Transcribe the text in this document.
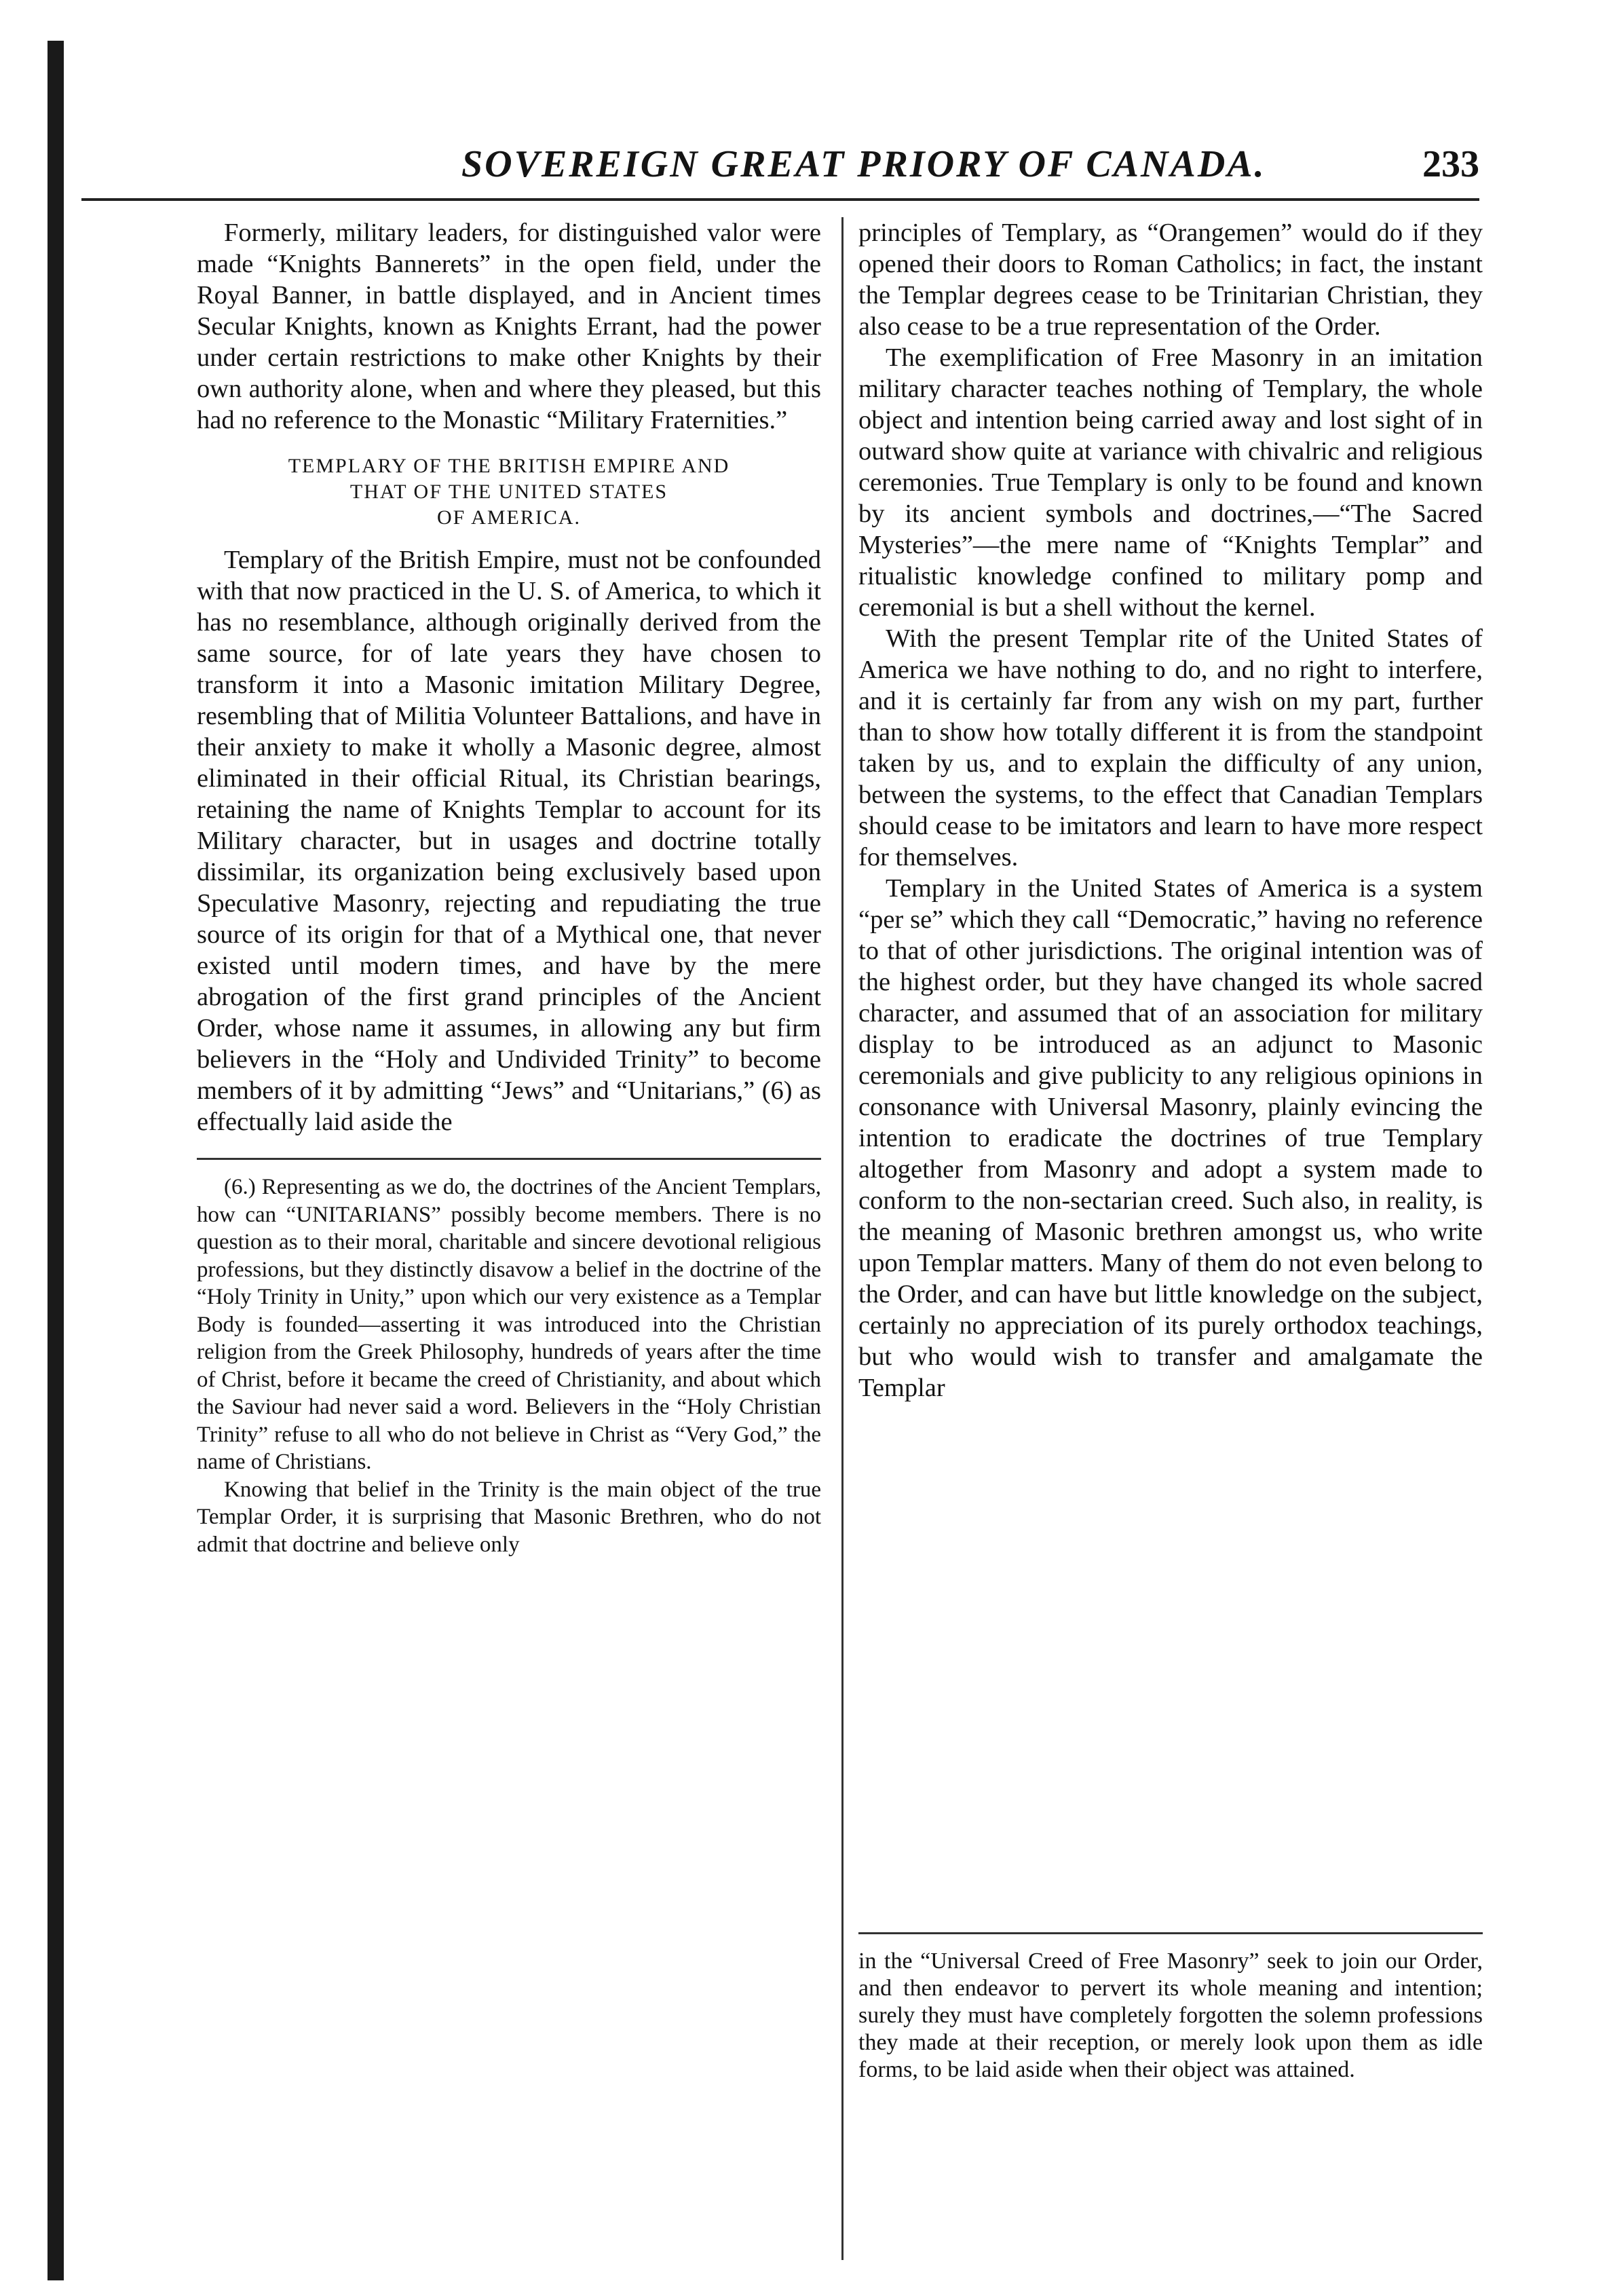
SOVEREIGN GREAT PRIORY OF CANADA.	233

Formerly, military leaders, for distinguished valor were made “Knights Bannerets” in the open field, under the Royal Banner, in battle displayed, and in Ancient times Secular Knights, known as Knights Errant, had the power under certain restrictions to make other Knights by their own authority alone, when and where they pleased, but this had no reference to the Monastic “Military Fraternities.”

TEMPLARY OF THE BRITISH EMPIRE AND
THAT OF THE UNITED STATES
OF AMERICA.

Templary of the British Empire, must not be confounded with that now practiced in the U. S. of America, to which it has no resemblance, although originally derived from the same source, for of late years they have chosen to transform it into a Masonic imitation Military Degree, resembling that of Militia Volunteer Battalions, and have in their anxiety to make it wholly a Masonic degree, almost eliminated in their official Ritual, its Christian bearings, retaining the name of Knights Templar to account for its Military character, but in usages and doctrine totally dissimilar, its organization being exclusively based upon Speculative Masonry, rejecting and repudiating the true source of its origin for that of a Mythical one, that never existed until modern times, and have by the mere abrogation of the first grand principles of the Ancient Order, whose name it assumes, in allowing any but firm believers in the “Holy and Undivided Trinity” to become members of it by admitting “Jews” and “Unitarians,” (6) as effectually laid aside the

(6.) Representing as we do, the doctrines of the Ancient Templars, how can “UNITARIANS” possibly become members. There is no question as to their moral, charitable and sincere devotional religious professions, but they distinctly disavow a belief in the doctrine of the “Holy Trinity in Unity,” upon which our very existence as a Templar Body is founded—asserting it was introduced into the Christian religion from the Greek Philosophy, hundreds of years after the time of Christ, before it became the creed of Christianity, and about which the Saviour had never said a word. Believers in the “Holy Christian Trinity” refuse to all who do not believe in Christ as “Very God,” the name of Christians.

Knowing that belief in the Trinity is the main object of the true Templar Order, it is surprising that Masonic Brethren, who do not admit that doctrine and believe only

principles of Templary, as “Orangemen” would do if they opened their doors to Roman Catholics; in fact, the instant the Templar degrees cease to be Trinitarian Christian, they also cease to be a true representation of the Order.

The exemplification of Free Masonry in an imitation military character teaches nothing of Templary, the whole object and intention being carried away and lost sight of in outward show quite at variance with chivalric and religious ceremonies. True Templary is only to be found and known by its ancient symbols and doctrines,—“The Sacred Mysteries”—the mere name of “Knights Templar” and ritualistic knowledge confined to military pomp and ceremonial is but a shell without the kernel.

With the present Templar rite of the United States of America we have nothing to do, and no right to interfere, and it is certainly far from any wish on my part, further than to show how totally different it is from the standpoint taken by us, and to explain the difficulty of any union, between the systems, to the effect that Canadian Templars should cease to be imitators and learn to have more respect for themselves.

Templary in the United States of America is a system “per se” which they call “Democratic,” having no reference to that of other jurisdictions. The original intention was of the highest order, but they have changed its whole sacred character, and assumed that of an association for military display to be introduced as an adjunct to Masonic ceremonials and give publicity to any religious opinions in consonance with Universal Masonry, plainly evincing the intention to eradicate the doctrines of true Templary altogether from Masonry and adopt a system made to conform to the non-sectarian creed. Such also, in reality, is the meaning of Masonic brethren amongst us, who write upon Templar matters. Many of them do not even belong to the Order, and can have but little knowledge on the subject, certainly no appreciation of its purely orthodox teachings, but who would wish to transfer and amalgamate the Templar

in the “Universal Creed of Free Masonry” seek to join our Order, and then endeavor to pervert its whole meaning and intention; surely they must have completely forgotten the solemn professions they made at their reception, or merely look upon them as idle forms, to be laid aside when their object was attained.
